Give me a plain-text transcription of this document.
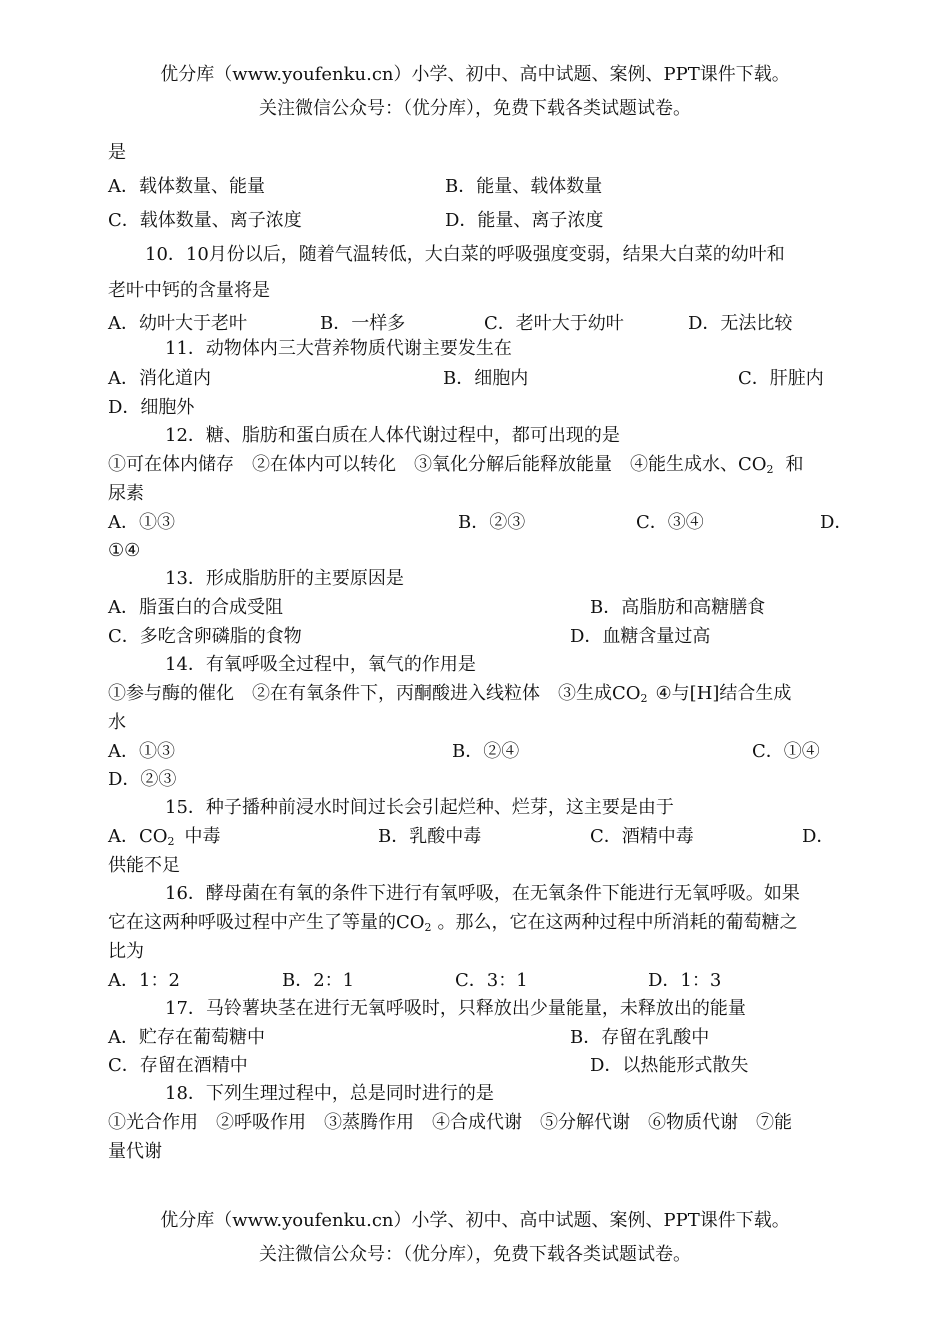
优分库（www.youfenku.cn）小学、初中、高中试题、案例、PPT课件下载。
关注微信公众号：（优分库），免费下载各类试题试卷。
是
A．载体数量、能量	B．能量、载体数量
C．载体数量、离子浓度	D．能量、离子浓度
10．10月份以后，随着气温转低，大白菜的呼吸强度变弱，结果大白菜的幼叶和
老叶中钙的含量将是
A．幼叶大于老叶	B．一样多	C．老叶大于幼叶	D．无法比较
11．动物体内三大营养物质代谢主要发生在
A．消化道内	B．细胞内	C．肝脏内
D．细胞外
12．糖、脂肪和蛋白质在人体代谢过程中，都可出现的是
①可在体内储存　②在体内可以转化　③氧化分解后能释放能量　④能生成水、$CO_2$ 和
尿素
A．①③	B．②③	C．③④	D．
①④
13．形成脂肪肝的主要原因是
A．脂蛋白的合成受阻	B．高脂肪和高糖膳食
C．多吃含卵磷脂的食物	D．血糖含量过高
14．有氧呼吸全过程中，氧气的作用是
①参与酶的催化　②在有氧条件下，丙酮酸进入线粒体　③生成$CO_2$ ④与[H]结合生成
水
A．①③	B．②④	C．①④
D．②③
15．种子播种前浸水时间过长会引起烂种、烂芽，这主要是由于
A．$CO_2$ 中毒	B．乳酸中毒	C．酒精中毒	D．
供能不足
16．酵母菌在有氧的条件下进行有氧呼吸，在无氧条件下能进行无氧呼吸。如果
它在这两种呼吸过程中产生了等量的$CO_2$ 。那么，它在这两种过程中所消耗的葡萄糖之
比为
A．1：2	B．2：1	C．3：1	D．1：3
17．马铃薯块茎在进行无氧呼吸时，只释放出少量能量，未释放出的能量
A．贮存在葡萄糖中	B．存留在乳酸中
C．存留在酒精中	D．以热能形式散失
18．下列生理过程中，总是同时进行的是
①光合作用　②呼吸作用　③蒸腾作用　④合成代谢　⑤分解代谢　⑥物质代谢　⑦能
量代谢
优分库（www.youfenku.cn）小学、初中、高中试题、案例、PPT课件下载。
关注微信公众号：（优分库），免费下载各类试题试卷。
